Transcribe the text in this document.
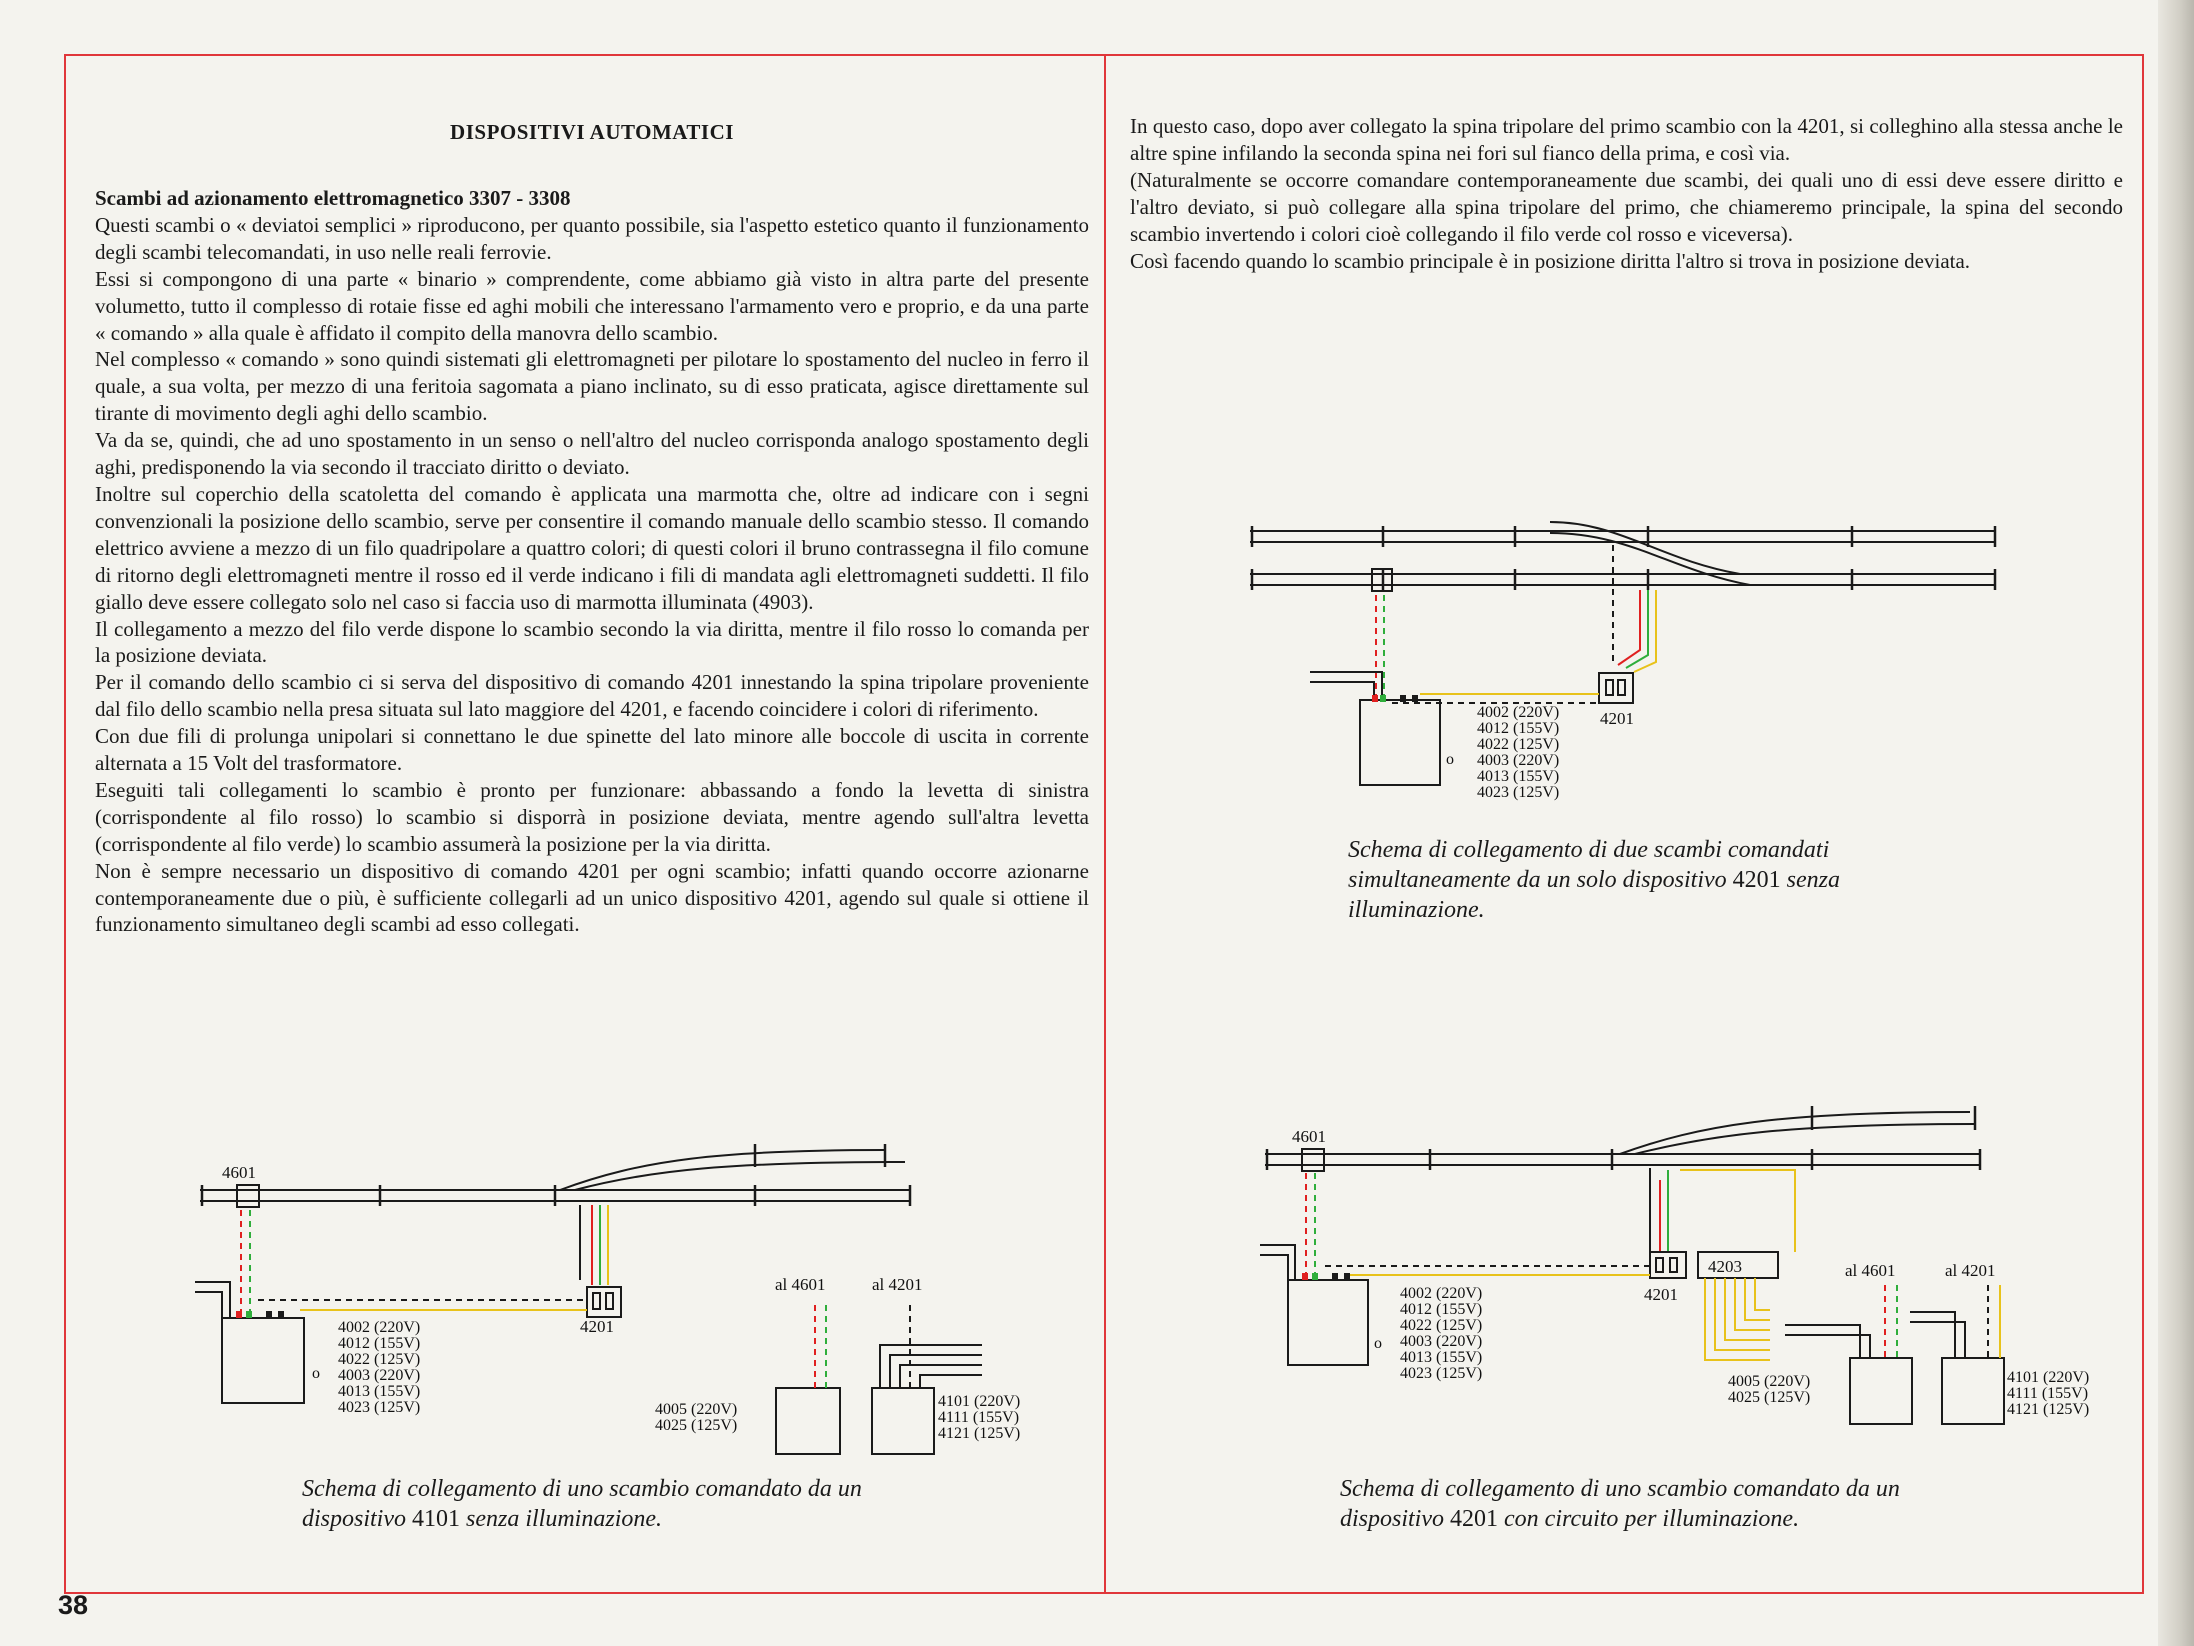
DISPOSITIVI AUTOMATICI

Scambi ad azionamento elettromagnetico 3307 - 3308

Questi scambi o « deviatoi semplici » riproducono, per quanto possibile, sia l'aspetto estetico quanto il funzionamento degli scambi telecomandati, in uso nelle reali ferrovie.

Essi si compongono di una parte « binario » comprendente, come abbiamo già visto in altra parte del presente volumetto, tutto il complesso di rotaie fisse ed aghi mobili che interessano l'armamento vero e proprio, e da una parte « comando » alla quale è affidato il compito della manovra dello scambio.

Nel complesso « comando » sono quindi sistemati gli elettromagneti per pilotare lo spostamento del nucleo in ferro il quale, a sua volta, per mezzo di una feritoia sagomata a piano inclinato, su di esso praticata, agisce direttamente sul tirante di movimento degli aghi dello scambio.

Va da se, quindi, che ad uno spostamento in un senso o nell'altro del nucleo corrisponda analogo spostamento degli aghi, predisponendo la via secondo il tracciato diritto o deviato.

Inoltre sul coperchio della scatoletta del comando è applicata una marmotta che, oltre ad indicare con i segni convenzionali la posizione dello scambio, serve per consentire il comando manuale dello scambio stesso. Il comando elettrico avviene a mezzo di un filo quadripolare a quattro colori; di questi colori il bruno contrassegna il filo comune di ritorno degli elettromagneti mentre il rosso ed il verde indicano i fili di mandata agli elettromagneti suddetti. Il filo giallo deve essere collegato solo nel caso si faccia uso di marmotta illuminata (4903).

Il collegamento a mezzo del filo verde dispone lo scambio secondo la via diritta, mentre il filo rosso lo comanda per la posizione deviata.

Per il comando dello scambio ci si serva del dispositivo di comando 4201 innestando la spina tripolare proveniente dal filo dello scambio nella presa situata sul lato maggiore del 4201, e facendo coincidere i colori di riferimento.

Con due fili di prolunga unipolari si connettano le due spinette del lato minore alle boccole di uscita in corrente alternata a 15 Volt del trasformatore.

Eseguiti tali collegamenti lo scambio è pronto per funzionare: abbassando a fondo la levetta di sinistra (corrispondente al filo rosso) lo scambio si disporrà in posizione deviata, mentre agendo sull'altra levetta (corrispondente al filo verde) lo scambio assumerà la posizione per la via diritta.

Non è sempre necessario un dispositivo di comando 4201 per ogni scambio; infatti quando occorre azionarne contemporaneamente due o più, è sufficiente collegarli ad un unico dispositivo 4201, agendo sul quale si ottiene il funzionamento simultaneo degli scambi ad esso collegati.

In questo caso, dopo aver collegato la spina tripolare del primo scambio con la 4201, si colleghino alla stessa anche le altre spine infilando la seconda spina nei fori sul fianco della prima, e così via.

(Naturalmente se occorre comandare contemporaneamente due scambi, dei quali uno di essi deve essere diritto e l'altro deviato, si può collegare alla spina tripolare del primo, che chiameremo principale, la spina del secondo scambio invertendo i colori cioè collegando il filo verde col rosso e viceversa).

Così facendo quando lo scambio principale è in posizione diritta l'altro si trova in posizione deviata.

4201
4002 (220V)
4012 (155V)
4022 (125V)
4003 (220V)
4013 (155V)
4023 (125V)
o
4601
4201
4002 (220V)
4012 (155V)
4022 (125V)
4003 (220V)
4013 (155V)
4023 (125V)
o
al 4601	al 4201
4005 (220V)
4025 (125V)
4101 (220V)
4111 (155V)
4121 (125V)
4601
4201
4203
4002 (220V)
4012 (155V)
4022 (125V)
4003 (220V)
4013 (155V)
4023 (125V)
o
al 4601	al 4201
4005 (220V)
4025 (125V)
4101 (220V)
4111 (155V)
4121 (125V)
Schema di collegamento di due scambi comandati simultaneamente da un solo dispositivo 4201 senza illuminazione.
Schema di collegamento di uno scambio comandato da un dispositivo 4101 senza illuminazione.
Schema di collegamento di uno scambio comandato da un dispositivo 4201 con circuito per illuminazione.
38
